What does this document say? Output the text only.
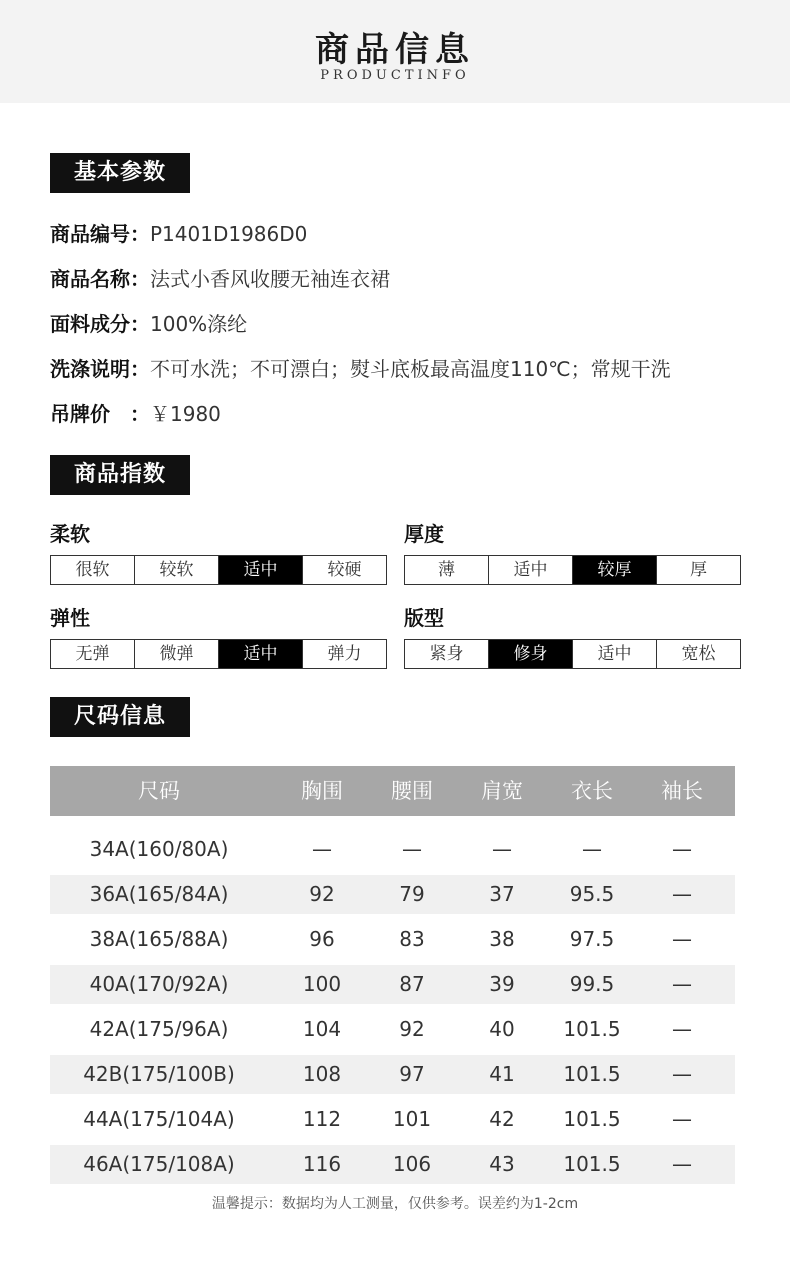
商品信息
PRODUCTINFO
基本参数
商品编号：P1401D1986D0
商品名称：法式小香风收腰无袖连衣裙
面料成分：100%涤纶
洗涤说明：不可水洗；不可漂白；熨斗底板最高温度110℃；常规干洗
吊牌价　：￥1980
商品指数
柔软
很软	较软	适中	较硬
厚度
薄	适中	较厚	厚
弹性
无弹	微弹	适中	弹力
版型
紧身	修身	适中	宽松
尺码信息
尺码	胸围	腰围	肩宽	衣长	袖长
34A(160/80A)	—	—	—	—	—
36A(165/84A)	92	79	37	95.5	—
38A(165/88A)	96	83	38	97.5	—
40A(170/92A)	100	87	39	99.5	—
42A(175/96A)	104	92	40	101.5	—
42B(175/100B)	108	97	41	101.5	—
44A(175/104A)	112	101	42	101.5	—
46A(175/108A)	116	106	43	101.5	—
温馨提示：数据均为人工测量，仅供参考。误差约为1-2cm
